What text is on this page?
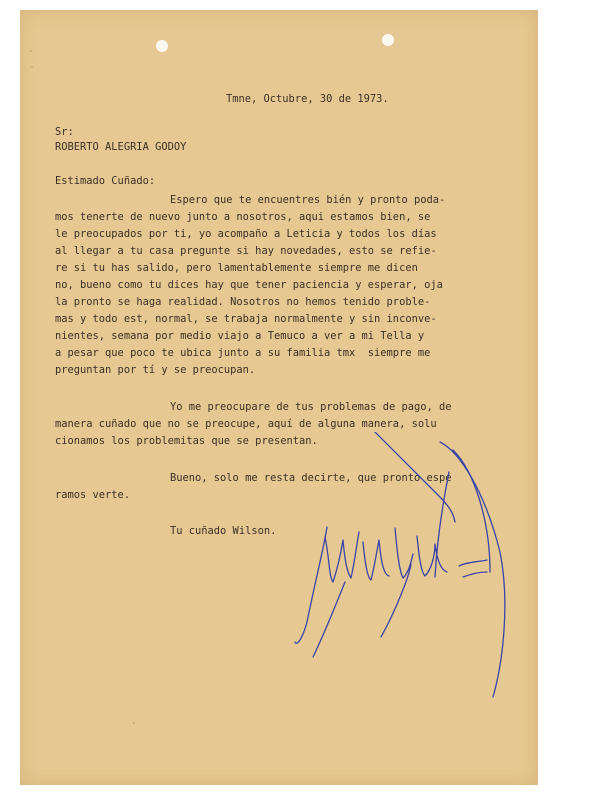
Tmne, Octubre, 30 de 1973.
Sr:
ROBERTO ALEGRIA GODOY
Estimado Cuñado:
Espero que te encuentres bién y pronto poda-
mos tenerte de nuevo junto a nosotros, aqui estamos bien, se
le preocupados por ti, yo acompaño a Leticia y todos los días
al llegar a tu casa pregunte si hay novedades, esto se refie-
re si tu has salido, pero lamentablemente siempre me dicen
no, bueno como tu dices hay que tener paciencia y esperar, oja
la pronto se haga realidad. Nosotros no hemos tenido proble-
mas y todo est, normal, se trabaja normalmente y sin inconve-
nientes, semana por medio viajo a Temuco a ver a mi Tella y
a pesar que poco te ubica junto a su familia tmx  siempre me
preguntan por tí y se preocupan.
Yo me preocupare de tus problemas de pago, de
manera cuñado que no se preocupe, aquí de alguna manera, solu
cionamos los problemitas que se presentan.
Bueno, solo me resta decirte, que pronto espe
ramos verte.
Tu cuñado Wilson.
